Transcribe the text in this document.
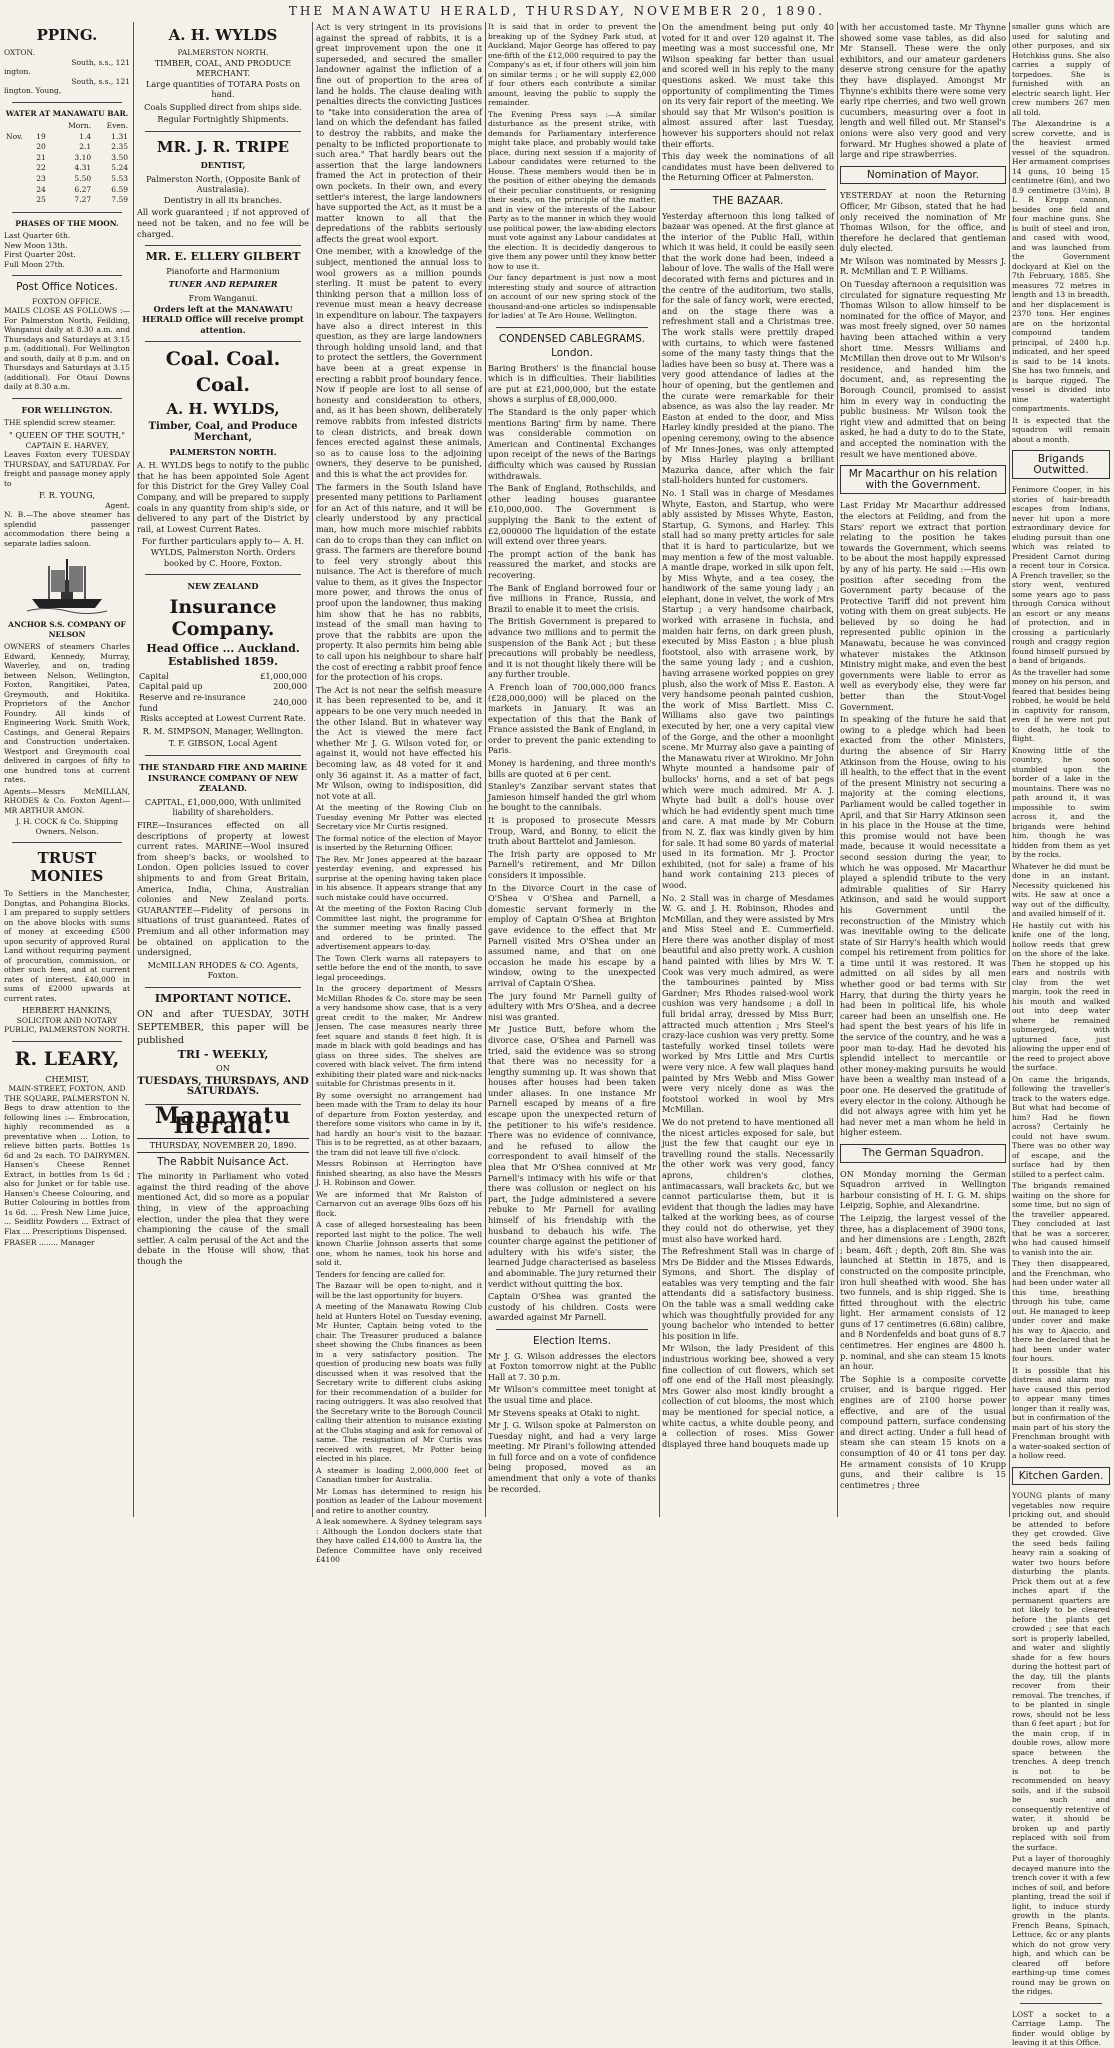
THE MANAWATU HERALD, THURSDAY, NOVEMBER 20, 1890.
PPING.
OXTON.
South, s.s., 121
ington.
South, s.s., 121
lington. Young,
WATER AT MANAWATU BAR.
		Morn.	Even.
Nov.	19	1.4	1.31
	20	2.1	2.35
	21	3.10	3.50
	22	4.31	5.24
	23	5.50	5.53
	24	6.27	6.59
	25	7.27	7.59
PHASES OF THE MOON.
Last Quarter 6th.
New Moon 13th.
First Quarter 20st.
Full Moon 27th.
Post Office Notices.
FOXTON OFFICE.

MAILS CLOSE AS FOLLOWS :— For Palmerston North, Feilding, Wanganui daily at 8.30 a.m. and Thursdays and Saturdays at 3.15 p.m. (additional). For Wellington and south, daily at 8 p.m. and on Thursdays and Saturdays at 3.15 (additional). For Otaui Downs daily at 8.30 a.m.

FOR WELLINGTON.

THE splendid screw steamer.

" QUEEN OF THE SOUTH,"
CAPTAIN E. HARVEY,

Leaves Foxton every TUESDAY THURSDAY, and SATURDAY. For freight and passage money apply to

F. R. YOUNG,
Agent.

N. B.—The above steamer has splendid passenger accommodation there being a separate ladies saloon.

ANCHOR S.S. COMPANY OF NELSON

OWNERS of steamers Charles Edward, Kennedy, Murray, Waverley, and on, trading between Nelson, Wellington, Foxton, Rangitikei, Patea, Greymouth, and Hokitika. Proprietors of the Anchor Foundry. All kinds of Engineering Work. Smith Work, Castings, and General Repairs and Construction undertaken. Westport and Greymouth coal delivered in cargoes of fifty to one hundred tons at current rates.

Agents—Messrs McMILLAN, RHODES & Co. Foxton Agent— MR ARTHUR AMON.

J. H. COCK & Co. Shipping Owners, Nelson.
TRUST MONIES

To Settlers in the Manchester, Dongtas, and Pohangina Blocks. I am prepared to supply settlers on the above blocks with sums of money at exceeding £500 upon security of approved Rural Land without requiring payment of procuration, commission, or other such fees, and at current rates of interest. £40,000 in sums of £2000 upwards at current rates.

HERBERT HANKINS,
SOLICITOR AND NOTARY PUBLIC, PALMERSTON NORTH.
R. LEARY,
CHEMIST,
MAIN-STREET, FOXTON, AND THE SQUARE, PALMERSTON N.

Begs to draw attention to the following lines :— Embrocation, highly recommended as a preventative when ... Lotion, to relieve bitten parts. Bottles 1s 6d and 2s each. TO DAIRYMEN. Hansen's Cheese Rennet Extract, in bottles from 1s 6d ; also for Junket or for table use. Hansen's Cheese Colouring, and Butter Colouring in bottles from 1s 6d. ... Fresh New Lime Juice, ... Seidlitz Powders ... Extract of Flax ... Prescriptions Dispensed.

FRASER ........ Manager
A. H. WYLDS
PALMERSTON NORTH.
TIMBER, COAL, AND PRODUCE MERCHANT.

Large quantities of TOTARA Posts on hand.

Coals Supplied direct from ships side.

Regular Fortnightly Shipments.

MR. J. R. TRIPE
DENTIST,
Palmerston North, (Opposite Bank of Australasia).

Dentistry in all its branches.

All work guaranteed ; if not approved of need not be taken, and no fee will be charged.

MR. E. ELLERY GILBERT
Pianoforte and Harmonium
TUNER AND REPAIRER
From Wanganui.

Orders left at the MANAWATU HERALD Office will receive prompt attention.

Coal. Coal.
Coal.
A. H. WYLDS,
Timber, Coal, and Produce Merchant,
PALMERSTON NORTH.

A. H. WYLDS begs to notify to the public that he has been appointed Sole Agent for this District for the Grey Valley Coal Company, and will be prepared to supply coals in any quantity from ship's side, or delivered to any part of the District by rail, at Lowest Current Rates.

For further particulars apply to— A. H. WYLDS, Palmerston North. Orders booked by C. Hoore, Foxton.

NEW ZEALAND
Insurance Company.
Head Office ... Auckland.
Established 1859.
Capital	£1,000,000
Capital paid up	200,000
Reserve and re-insurance fund	240,000

Risks accepted at Lowest Current Rate.

R. M. SIMPSON, Manager, Wellington.

T. F. GIBSON, Local Agent

THE STANDARD FIRE AND MARINE INSURANCE COMPANY OF NEW ZEALAND.

CAPITAL, £1,000,000, With unlimited liability of shareholders.

FIRE—Insurances effected on all descriptions of property at lowest current rates. MARINE—Wool insured from sheep's backs, or woolshed to London. Open policies issued to cover shipments to and from Great Britain, America, India, China, Australian colonies and New Zealand ports. GUARANTEE—Fidelity of persons in situations of trust guaranteed. Rates of Premium and all other information may be obtained on application to the undersigned,

McMILLAN RHODES & CO. Agents, Foxton.

IMPORTANT NOTICE.

ON and after TUESDAY, 30TH SEPTEMBER, this paper will be published

TRI - WEEKLY,
ON
TUESDAYS, THURSDAYS, AND SATURDAYS.
Manawatu Herald.
THURSDAY, NOVEMBER 20, 1890.
The Rabbit Nuisance Act.

The minority in Parliament who voted against the third reading of the above mentioned Act, did so more as a popular thing, in view of the approaching election, under the plea that they were championing the cause of the small settler. A calm perusal of the Act and the debate in the House will show, that though the

Act is very stringent in its provisions against the spread of rabbits, it is a great improvement upon the one it superseded, and secured the smaller landowner against the infliction of a fine out of proportion to the area of land he holds. The clause dealing with penalties directs the convicting Justices to "take into consideration the area of land on which the defendant has failed to destroy the rabbits, and make the penalty to be inflicted proportionate to such area." That hardly bears out the assertion that the large landowners framed the Act in protection of their own pockets. In their own, and every settler's interest, the large landowners have supported the Act, as it must be a matter known to all that the depredations of the rabbits seriously affects the great wool export.

One member, with a knowledge of the subject, mentioned the annual loss to wool growers as a million pounds sterling. It must be patent to every thinking person that a million loss of revenue must mean a heavy decrease in expenditure on labour. The taxpayers have also a direct interest in this question, as they are large landowners through holding unsold land, and that to protect the settlers, the Government have been at a great expense in erecting a rabbit proof boundary fence. Now if people are lost to all sense of honesty and consideration to others, and, as it has been shown, deliberately remove rabbits from infested districts to clean districts, and break down fences erected against these animals, so as to cause loss to the adjoining owners, they deserve to be punished, and this is what the act provides for.

The farmers in the South Island have presented many petitions to Parliament for an Act of this nature, and it will be clearly understood by any practical man, how much more mischief rabbits can do to crops than they can inflict on grass. The farmers are therefore bound to feel very strongly about this nuisance. The Act is therefore of much value to them, as it gives the Inspector more power, and throws the onus of proof upon the landowner, thus making him show that he has no rabbits, instead of the small man having to prove that the rabbits are upon the property. It also permits him being able to call upon his neighbour to share half the cost of erecting a rabbit proof fence for the protection of his crops.

The Act is not near the selfish measure it has been represented to be, and it appears to be one very much needed in the other Island. But in whatever way the Act is viewed the mere fact whether Mr J. G. Wilson voted for, or against it, would not have effected his becoming law, as 48 voted for it and only 36 against it. As a matter of fact, Mr Wilson, owing to indisposition, did not vote at all.

At the meeting of the Rowing Club on Tuesday evening Mr Potter was elected Secretary vice Mr Curtis resigned.

The formal notice of the election of Mayor is inserted by the Returning Officer.

The Rev. Mr Jones appeared at the bazaar yesterday evening, and expressed his surprise at the opening having taken place in his absence. It appears strange that any such mistake could have occurred.

At the meeting of the Foxton Racing Club Committee last night, the programme for the summer meeting was finally passed and ordered to be printed. The advertisement appears to-day.

The Town Clerk warns all ratepayers to settle before the end of the month, to save legal proceedings.

In the grocery department of Messrs McMillan Rhodes & Co. store may be seen a very handsome show case, that is a very great credit to the maker, Mr Andrew Jensen. The case measures nearly three feet square and stands 8 feet high. It is made in black with gold beadings and has glass on three sides. The shelves are covered with black velvet. The firm intend exhibiting their plated ware and nick-nacks suitable for Christmas presents in it.

By some oversight no arrangement had been made with the Tram to delay its hour of departure from Foxton yesterday, and therefore some visitors who came in by it, had hardly an hour's visit to the bazaar. This is to be regretted, as at other bazaars, the tram did not leave till five o'clock.

Messrs Robinson at Herrington have finished shearing, as also have the Messrs J. H. Robinson and Gower.

We are informed that Mr Ralston of Carnarvon cut an average 9lbs 6ozs off his flock.

A case of alleged horsestealing has been reported last night to the police. The well known Charlie Johnson asserts that some one, whom he names, took his horse and sold it.

Tenders for fencing are called for.

The Bazaar will be open to-night, and it will be the last opportunity for buyers.

A meeting of the Manawatu Rowing Club held at Hunters Hotel on Tuesday evening, Mr Hunter, Captain being voted to the chair. The Treasurer produced a balance sheet showing the Clubs finances as been in a very satisfactory position. The question of producing new boats was fully discussed when it was resolved that the Secretary write to different clubs asking for their recommendation of a builder for racing outriggers. It was also resolved that the Secretary write to the Borough Council calling their attention to nuisance existing at the Clubs staging and ask for removal of same. The resignation of Mr Curtis was received with regret, Mr Potter being elected in his place.

A steamer is loading 2,000,000 feet of Canadian timber for Australia.

Mr Lomas has determined to resign his position as leader of the Labour movement and retire to another country.

A leak somewhere. A Sydney telegram says : Although the London dockers state that they have called £14,000 to Austra lia, the Defence Committee have only received £4100

It is said that in order to prevent the breaking up of the Sydney Park stud, at Auckland, Major George has offered to pay one-fifth of the £12,000 required to pay the Company's as et, if four others will join him on similar terms ; or he will supply £2,000 if four others each contribute a similar amount, leaving the public to supply the remainder.

The Evening Press says :—A similar disturbance as the present strike, with demands for Parliamentary interference might take place, and probably would take place, during next session if a majority of Labour candidates were returned to the House. These members would then be in the position of either obeying the demands of their peculiar constituents, or resigning their seats, on the principle of the matter, and in view of the interests of the Labour Party as to the manner in which they would use political power, the law-abiding electors must vote against any Labour candidates at the election. It is decidedly dangerous to give them any power until they know better how to use it.

Our fancy department is just now a most interesting study and source of attraction on account of our new spring stock of the thousand-and-one articles so indispensable for ladies' at Te Aro House, Wellington.

CONDENSED CABLEGRAMS.
London.

Baring Brothers' is the financial house which is in difficulties. Their liabilities are put at £21,000,000, but the estate shows a surplus of £8,000,000.

The Standard is the only paper which mentions Baring' firm by name. There was considerable commotion on American and Continental Exchanges upon receipt of the news of the Barings difficulty which was caused by Russian withdrawals.

The Bank of England, Rothschilds, and other leading houses guarantee £10,000,000. The Government is supplying the Bank to the extent of £2,000000 The liquidation of the estate will extend over three years.

The prompt action of the bank has reassured the market, and stocks are recovering.

The Bank of England borrowed four or five millions in France, Russia, and Brazil to enable it to meet the crisis.

The British Government is prepared to advance two millions and to permit the suspension of the Bank Act ; but these precautions will probably be needless, and it is not thought likely there will be any further trouble.

A French loan of 700,000,000 francs (£28,000,000) will be placed on the markets in January. It was an expectation of this that the Bank of France assisted the Bank of England, in order to prevent the panic extending to Paris.

Money is hardening, and three month's bills are quoted at 6 per cent.

Stanley's Zanzibar servant states that Jamieson himself handed the girl whom he bought to the cannibals.

It is proposed to prosecute Messrs Troup, Ward, and Bonny, to elicit the truth about Barttelot and Jamieson.

The Irish party are opposed to Mr Parnell's retirement, and Mr Dillon considers it impossible.

In the Divorce Court in the case of O'Shea v O'Shea and Parnell, a domestic servant formerly in the employ of Captain O'Shea at Brighton gave evidence to the effect that Mr Parnell visited Mrs O'Shea under an assumed name, and that on one occasion he made his escape by a window, owing to the unexpected arrival of Captain O'Shea.

The jury found Mr Parnell guilty of adultery with Mrs O'Shea, and a decree nisi was granted.

Mr Justice Butt, before whom the divorce case, O'Shea and Parnell was tried, said the evidence was so strong that there was no necessity for a lengthy summing up. It was shown that houses after houses had been taken under aliases. In one instance Mr Parnell escaped by means of a fire escape upon the unexpected return of the petitioner to his wife's residence. There was no evidence of connivance, and he refused to allow the correspondent to avail himself of the plea that Mr O'Shea connived at Mr Parnell's intimacy with his wife or that there was collusion or neglect on his part, the Judge administered a severe rebuke to Mr Parnell for availing himself of his friendship with the husband to debauch his wife. The counter charge against the petitioner of adultery with his wife's sister, the learned Judge characterised as baseless and abominable. The jury returned their verdict without quitting the box.

Captain O'Shea was granted the custody of his children. Costs were awarded against Mr Parnell.

Election Items.

Mr J. G. Wilson addresses the electors at Foxton tomorrow night at the Public Hall at 7. 30 p.m.

Mr Wilson's committee meet tonight at the usual time and place.

Mr Stevens speaks at Otaki to night.

Mr J. G. Wilson spoke at Palmerston on Tuesday night, and had a very large meeting. Mr Pirani's following attended in full force and on a vote of confidence being proposed, moved as an amendment that only a vote of thanks be recorded.

On the amendment being put only 40 voted for it and over 120 against it. The meeting was a most successful one, Mr Wilson speaking far better than usual and scored well in his reply to the many questions asked. We must take this opportunity of complimenting the Times on its very fair report of the meeting. We should say that Mr Wilson's position is almost assured after last Tuesday, however his supporters should not relax their efforts.

This day week the nominations of all candidates must have been delivered to the Returning Officer at Palmerston.

THE BAZAAR.

Yesterday afternoon this long talked of bazaar was opened. At the first glance at the interior of the Public Hall, within which it was held, it could be easily seen that the work done had been, indeed a labour of love. The walls of the Hall were decorated with ferns and pictures and in the centre of the auditorium, two stalls, for the sale of fancy work, were erected, and on the stage there was a refreshment stall and a Christmas tree. The work stalls were prettily draped with curtains, to which were fastened some of the many tasty things that the ladies have been so busy at. There was a very good attendance of ladies at the hour of opening, but the gentlemen and the curate were remarkable for their absence, as was also the lay reader. Mr Easton at ended to the door, and Miss Harley kindly presided at the piano. The opening ceremony, owing to the absence of Mr Innes-Jones, was only attempted by Miss Harley playing a brilliant Mazurka dance, after which the fair stall-holders hunted for customers.

No. 1 Stall was in charge of Mesdames Whyte, Easton, and Startup, who were ably assisted by Misses Whyte, Easton, Startup, G. Symons, and Harley. This stall had so many pretty articles for sale that it is hard to particularize, but we may mention a few of the most valuable. A mantle drape, worked in silk upon felt, by Miss Whyte, and a tea cosey, the handiwork of the same young lady ; an elephant, done in velvet, the work of Mrs Startup ; a very handsome chairback, worked with arrasene in fuchsia, and maiden hair ferns, on dark green plush, executed by Miss Easton ; a blue plush footstool, also with arrasene work, by the same young lady ; and a cushion, having arrasene worked poppies on grey plush, also the work of Miss E. Easton. A very handsome peonah painted cushion, the work of Miss Bartlett. Miss C. Williams also gave two paintings executed by her, one a very capital view of the Gorge, and the other a moonlight scene. Mr Murray also gave a painting of the Manawatu river at Wirokino. Mr John Whyte mounted a handsome pair of bullocks' horns, and a set of bat pegs which were much admired. Mr A. J. Whyte had built a doll's house over which he had evidently spent much time and care. A mat made by Mr Coburn from N. Z. flax was kindly given by him for sale. It had some 80 yards of material used in its formation. Mr J. Proctor exhibited, (not for sale) a frame of his hand work containing 213 pieces of wood.

No. 2 Stall was in charge of Mesdames W. G. and J. H. Robinson, Rhodes and McMillan, and they were assisted by Mrs and Miss Steel and E. Cummerfield. Here there was another display of most beautiful and also pretty work. A cushion hand painted with lilies by Mrs W. T. Cook was very much admired, as were the tambourines painted by Miss Gardner; Mrs Rhodes raised-wool work cushion was very handsome ; a doll in full bridal array, dressed by Miss Burr, attracted much attention ; Mrs Steel's crazy-lace cushion was very pretty. Some tastefully worked tinsel toilets were worked by Mrs Little and Mrs Curtis were very nice. A few wall plaques hand painted by Mrs Webb and Miss Gower were very nicely done as was the footstool worked in wool by Mrs McMillan.

We do not pretend to have mentioned all the nicest articles exposed for sale, but just the few that caught our eye in travelling round the stalls. Necessarily the other work was very good, fancy aprons, children's clothes, antimacassars, wall brackets &c, but we cannot particularise them, but it is evident that though the ladies may have talked at the working bees, as of course they could not do otherwise, yet they must also have worked hard.

The Refreshment Stall was in charge of Mrs De Bidder and the Misses Edwards, Symons, and Short. The display of eatables was very tempting and the fair attendants did a satisfactory business. On the table was a small wedding cake which was thoughtfully provided for any young bachelor who intended to better his position in life.

Mr Wilson, the lady President of this industrious working bee, showed a very fine collection of cut flowers, which set off one end of the Hall most pleasingly. Mrs Gower also most kindly brought a collection of cut blooms, the most which may be mentioned for special notice, a white cactus, a white double peony, and a collection of roses. Miss Gower displayed three hand bouquets made up

with her accustomed taste. Mr Thynne showed some vase tables, as did also Mr Stansell. These were the only exhibitors, and our amateur gardeners deserve strong censure for the apathy they have displayed. Amongst Mr Thynne's exhibits there were some very early ripe cherries, and two well grown cucumbers, measuring over a foot in length and well filled out. Mr Stansel's onions were also very good and very forward. Mr Hughes showed a plate of large and ripe strawberries.

Nomination of Mayor.

YESTERDAY at noon the Returning Officer, Mr Gibson, stated that he had only received the nomination of Mr Thomas Wilson, for the office, and therefore he declared that gentleman duly elected.

Mr Wilson was nominated by Messrs J. R. McMillan and T. P. Williams.

On Tuesday afternoon a requisition was circulated for signature requesting Mr Thomas Wilson to allow himself to be nominated for the office of Mayor, and was most freely signed, over 50 names having been attached within a very short time. Messrs Williams and McMillan then drove out to Mr Wilson's residence, and handed him the document, and, as representing the Borough Council, promised to assist him in every way in conducting the public business. Mr Wilson took the right view and admitted that on being asked, he had a duty to do to the State, and accepted the nomination with the result we have mentioned above.

Mr Macarthur on his relation with the Government.

Last Friday Mr Macarthur addressed the electors at Feilding, and from the Stars' report we extract that portion relating to the position he takes towards the Government, which seems to be about the most happily expressed by any of his party. He said :—His own position after seceding from the Government party because of the Protective Tariff did not prevent him voting with them on great subjects. He believed by so doing he had represented public opinion in the Manawatu, because he was convinced whatever mistakes the Atkinson Ministry might make, and even the best governments were liable to error as well as everybody else, they were far better than the Stout-Vogel Government.

In speaking of the future he said that owing to a pledge which had been exacted from the other Ministers, during the absence of Sir Harry Atkinson from the House, owing to his ill health, to the effect that in the event of the present Ministry not securing a majority at the coming elections, Parliament would be called together in April, and that Sir Harry Atkinson seen in his place in the House at the time, this promise would not have been made, because it would necessitate a second session during the year, to which he was opposed. Mr Macarthur played a splendid tribute to the very admirable qualities of Sir Harry Atkinson, and said he would support his Government until the reconstruction of the Ministry which was inevitable owing to the delicate state of Sir Harry's health which would compel his retirement from politics for a time until it was restored. It was admitted on all sides by all men whether good or bad terms with Sir Harry, that during the thirty years he had been in political life, his whole career had been an unselfish one. He had spent the best years of his life in the service of the country, and he was a poor man to-day. Had he devoted his splendid intellect to mercantile or other money-making pursuits he would have been a wealthy man instead of a poor one. He deserved the gratitude of every elector in the colony. Although he did not always agree with him yet he had never met a man whom he held in higher esteem.

The German Squadron.

ON Monday morning the German Squadron arrived in Wellington harbour consisting of H. I. G. M. ships Leipzig, Sophie, and Alexandrine.

The Leipzig, the largest vessel of the three, has a displacement of 3900 tons, and her dimensions are : Length, 282ft ; beam, 46ft ; depth, 20ft 8in. She was launched at Stettin in 1875, and is constructed on the composite principle, iron hull sheathed with wood. She has two funnels, and is ship rigged. She is fitted throughout with the electric light. Her armament consists of 12 guns of 17 centimetres (6.68in) calibre, and 8 Nordenfelds and boat guns of 8.7 centimetres. Her engines are 4800 h. p. nominal, and she can steam 15 knots an hour.

The Sophie is a composite corvette cruiser, and is barque rigged. Her engines are of 2100 horse power effective, and are of the usual compound pattern, surface condensing and direct acting. Under a full head of steam she can steam 15 knots on a consumption of 40 or 41 tons per day. He armament consists of 10 Krupp guns, and their calibre is 15 centimetres ; three

smaller guns which are used for saluting and other purposes, and six Hotchkiss guns. She also carries a supply of torpedoes. She is furnished with an electric search light. Her crew numbers 267 men all told.

The Alexandrine is a screw corvette, and is the heaviest armed vessel of the squadron. Her armament comprises 14 guns, 10 being 15 centimetre (6in), and two 8.9 centimetre (3½in), B L R Krupp cannon, besides one field and four machine guns. She is built of steel and iron, and cased with wood, and was launched from the Government dockyard at Kiel on the 7th February, 1885. She measures 72 metres in length and 13 in breadth, and her displacement is 2370 tons. Her engines are on the horizontal compound tandem principal, of 2400 h.p. indicated, and her speed is said to be 14 knots. She has two funnels, and is barque rigged. The vessel is divided into nine watertight compartments.

It is expected that the squadron will remain about a month.

Brigands Outwitted.

Fenimore Cooper, in his stories of hair-breadth escapes from Indians, never hit upon a more extraordinary device for eluding pursuit than one which was related to President Carnot during a recent tour in Corsica. A French traveller, so the story went, ventured some years ago to pass through Corsica without an escort or any means of protection, and in crossing a particularly rough and craggy region found himself pursued by a band of brigands.

As the traveller had some money on his person, and feared that besides being robbed, he would be held in captivity for ransom, even if he were not put to death, he took to flight.

Knowing little of the country, he soon stumbled upon the border of a lake in the mountains. There was no path around it, it was impossible to swim across it, and the brigands were behind him, though he was hidden from them as yet by the rocks.

Whatever he did must be done in an instant. Necessity quickened his wits. He saw at once a way out of the difficulty, and availed himself of it.

He hastily cut with his knife one of the long, hollow reeds that grew on the shore of the lake. Then he stopped up his ears and nostrils with clay from the wet margin, took the reed in his mouth and walked out into deep water where he remained submerged, with upturned face, just allowing the upper end of the reed to project above the surface.

On came the brigands, following the traveller's track to the waters edge. But what had become of him? Had he flown across? Certainly he could not have swum. There was no other way of escape, and the surface had by then stilled to a perfect calm.

The brigands remained waiting on the shore for some time, but no sign of the traveller appeared. They concluded at last that he was a sorcerer, who had caused himself to vanish into the air.

They then disappeared, and the Frenchman, who had been under water all this time, breathing through his tube, came out. He managed to keep under cover and make his way to Ajaccio, and there he declared that he had been under water four hours.

It is possible that his distress and alarm may have caused this period to appear many times longer than it really was, but in confirmation of the main part of his story the Frenchman brought with a water-soaked section of a hollow reed.

Kitchen Garden.

YOUNG plants of many vegetables now require pricking out, and should be attended to before they get crowded. Give the seed beds failing heavy rain a soaking of water two hours before disturbing the plants. Prick them out at a few inches apart if the permanent quarters are not likely to be cleared before the plants get crowded ; see that each sort is properly labelled, and water and slightly shade for a few hours during the hottest part of the day, till the plants recover from their removal. The trenches, if to be planted in single rows, should not be less than 6 feet apart ; but for the main crop, if in double rows, allow more space between the trenches. A deep trench is not to be recommended on heavy soils, and if the subsoil be such and consequently retentive of water, it should be broken up and partly replaced with soil from the surface.

Put a layer of thoroughly decayed manure into the trench cover it with a few inches of soil, and before planting, tread the soil if light, to induce sturdy growth in the plants. French Beans, Spinach, Lettuce, &c or any plants which do not grow very high, and which can be cleared off before earthing-up time comes round may be grown on the ridges.

LOST a socket to a Carriage Lamp. The finder would oblige by leaving it at this Office.
